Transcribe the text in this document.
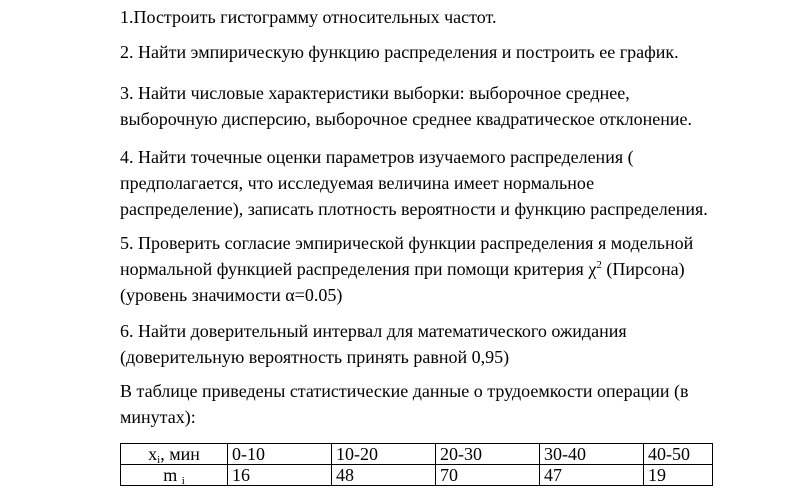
1.Построить гистограмму относительных частот.

2. Найти эмпирическую функцию распределения и построить ее график.

3. Найти числовые характеристики выборки: выборочное среднее,
выборочную дисперсию, выборочное среднее квадратическое отклонение.

4. Найти точечные оценки параметров изучаемого распределения (
предполагается, что исследуемая величина имеет нормальное
распределение), записать плотность вероятности и функцию распределения.

5. Проверить согласие эмпирической функции распределения я модельной
нормальной функцией распределения при помощи критерия $\chi^2$ (Пирсона)
(уровень значимости α=0.05)

6. Найти доверительный интервал для математического ожидания
(доверительную вероятность принять равной 0,95)

В таблице приведены статистические данные о трудоемкости операции (в
минутах):

$x_i$, мин	0-10	10-20	20-30	30-40	40-50
m $_i$	16	48	70	47	19
